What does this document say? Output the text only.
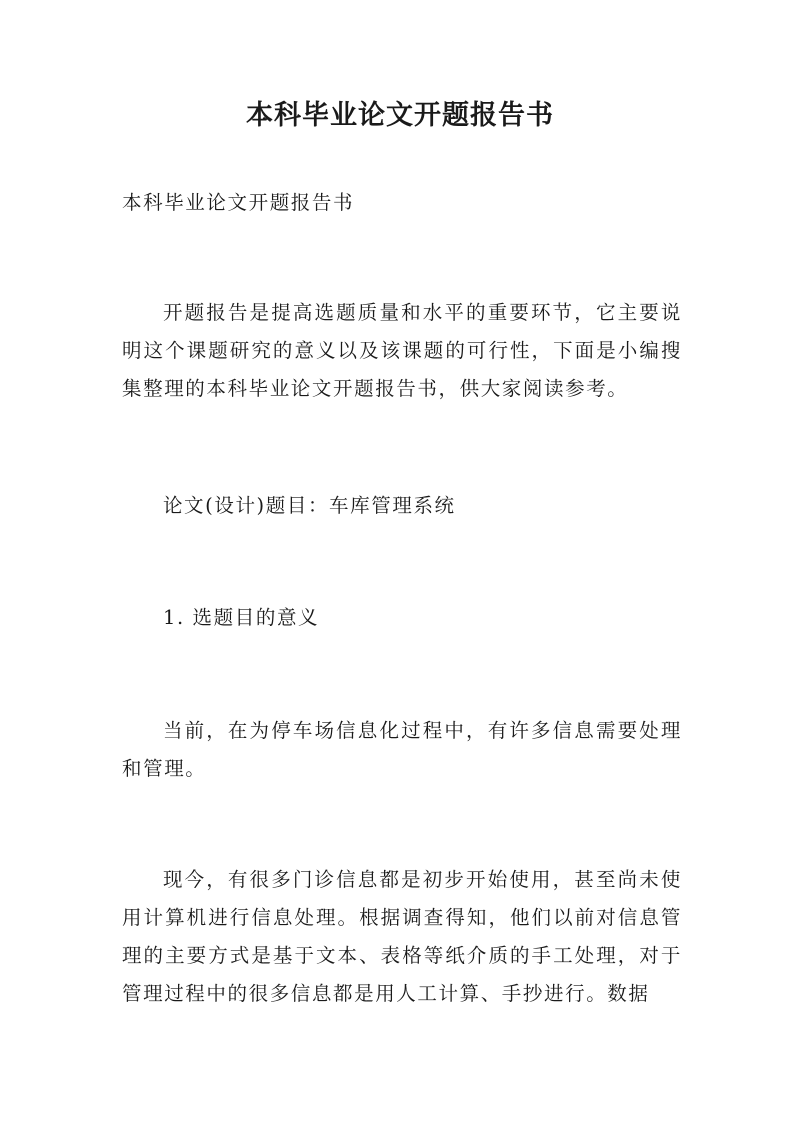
本科毕业论文开题报告书

本科毕业论文开题报告书

开题报告是提高选题质量和水平的重要环节，它主要说明这个课题研究的意义以及该课题的可行性，下面是小编搜集整理的本科毕业论文开题报告书，供大家阅读参考。

论文(设计)题目：车库管理系统

1. 选题目的意义

当前，在为停车场信息化过程中，有许多信息需要处理和管理。

现今，有很多门诊信息都是初步开始使用，甚至尚未使用计算机进行信息处理。根据调查得知，他们以前对信息管理的主要方式是基于文本、表格等纸介质的手工处理，对于管理过程中的很多信息都是用人工计算、手抄进行。数据
